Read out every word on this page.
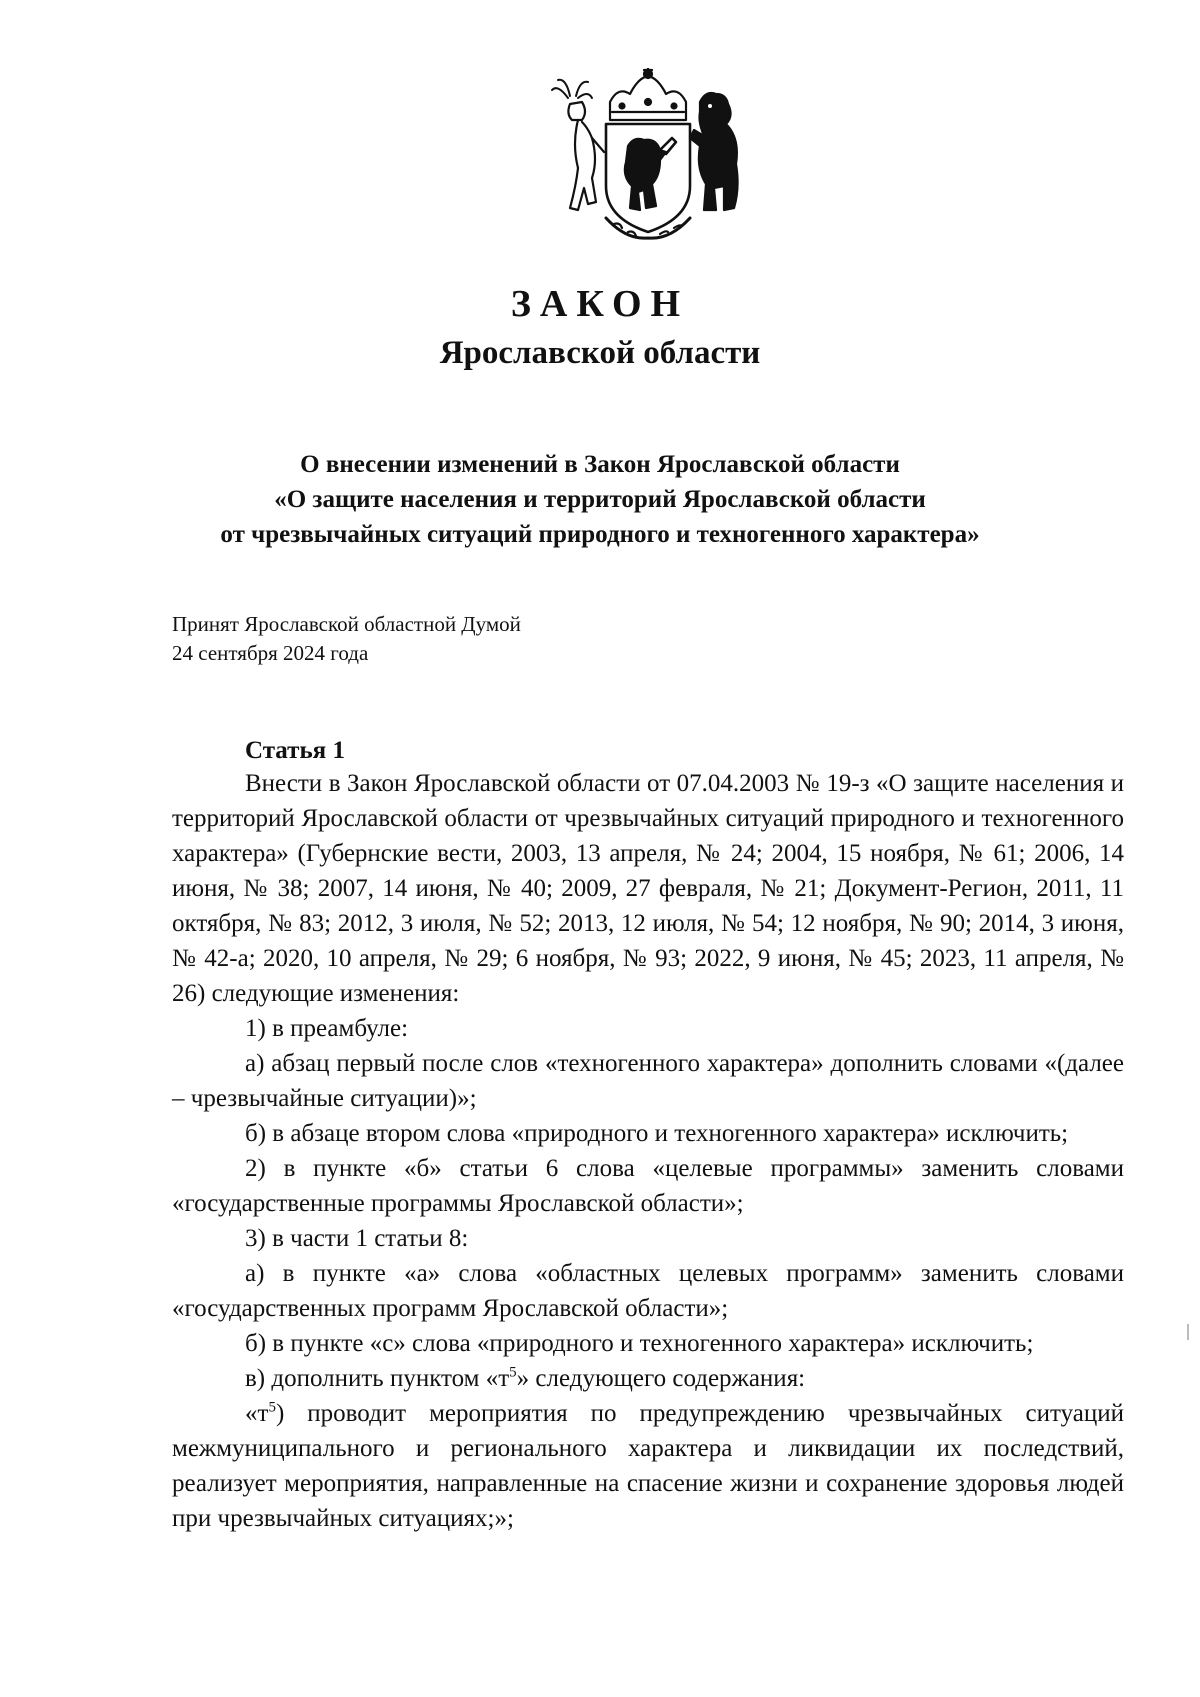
ЗАКОН
Ярославской области
О внесении изменений в Закон Ярославской области
«О защите населения и территорий Ярославской области
от чрезвычайных ситуаций природного и техногенного характера»
Принят Ярославской областной Думой
24 сентября 2024 года
Статья 1

Внести в Закон Ярославской области от 07.04.2003 № 19-з «О защите населения и территорий Ярославской области от чрезвычайных ситуаций природного и техногенного характера» (Губернские вести, 2003, 13 апреля, № 24; 2004, 15 ноября, № 61; 2006, 14 июня, № 38; 2007, 14 июня, № 40; 2009, 27 февраля, № 21; Документ-Регион, 2011, 11 октября, № 83; 2012, 3 июля, № 52; 2013, 12 июля, № 54; 12 ноября, № 90; 2014, 3 июня, № 42-а; 2020, 10 апреля, № 29; 6 ноября, № 93; 2022, 9 июня, № 45; 2023, 11 апреля, № 26) следующие изменения:

1) в преамбуле:

а) абзац первый после слов «техногенного характера» дополнить словами «(далее – чрезвычайные ситуации)»;

б) в абзаце втором слова «природного и техногенного характера» исключить;

2) в пункте «б» статьи 6 слова «целевые программы» заменить словами «государственные программы Ярославской области»;

3) в части 1 статьи 8:

а) в пункте «а» слова «областных целевых программ» заменить словами «государственных программ Ярославской области»;

б) в пункте «с» слова «природного и техногенного характера» исключить;

в) дополнить пунктом «$т^5$» следующего содержания:

«$т^5$) проводит мероприятия по предупреждению чрезвычайных ситуаций межмуниципального и регионального характера и ликвидации их последствий, реализует мероприятия, направленные на спасение жизни и сохранение здоровья людей при чрезвычайных ситуациях;»;
